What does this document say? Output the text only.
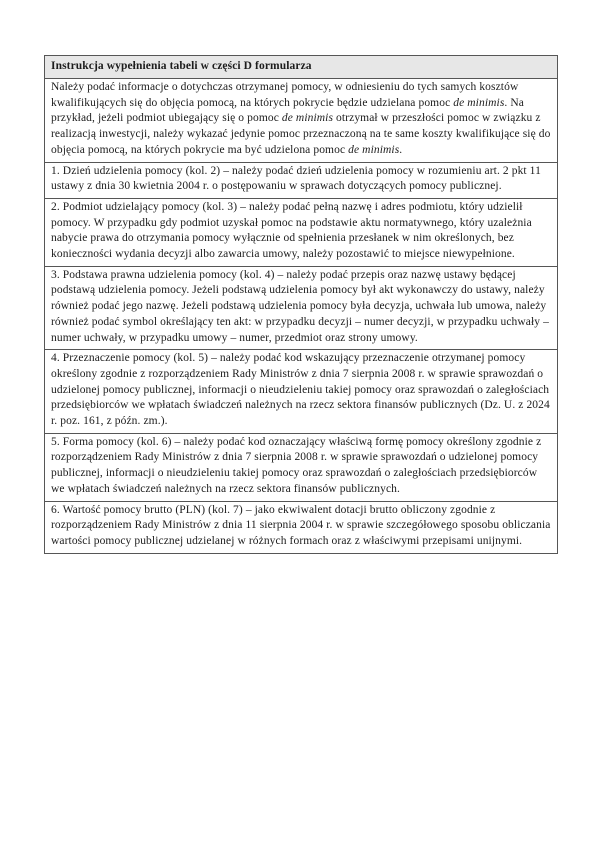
Instrukcja wypełnienia tabeli w części D formularza
Należy podać informacje o dotychczas otrzymanej pomocy, w odniesieniu do tych samych kosztów kwalifikujących się do objęcia pomocą, na których pokrycie będzie udzielana pomoc de minimis. Na przykład, jeżeli podmiot ubiegający się o pomoc de minimis otrzymał w przeszłości pomoc w związku z realizacją inwestycji, należy wykazać jedynie pomoc przeznaczoną na te same koszty kwalifikujące się do objęcia pomocą, na których pokrycie ma być udzielona pomoc de minimis.
1. Dzień udzielenia pomocy (kol. 2) – należy podać dzień udzielenia pomocy w rozumieniu art. 2 pkt 11 ustawy z dnia 30 kwietnia 2004 r. o postępowaniu w sprawach dotyczących pomocy publicznej.
2. Podmiot udzielający pomocy (kol. 3) – należy podać pełną nazwę i adres podmiotu, który udzielił pomocy. W przypadku gdy podmiot uzyskał pomoc na podstawie aktu normatywnego, który uzależnia nabycie prawa do otrzymania pomocy wyłącznie od spełnienia przesłanek w nim określonych, bez konieczności wydania decyzji albo zawarcia umowy, należy pozostawić to miejsce niewypełnione.
3. Podstawa prawna udzielenia pomocy (kol. 4) – należy podać przepis oraz nazwę ustawy będącej podstawą udzielenia pomocy. Jeżeli podstawą udzielenia pomocy był akt wykonawczy do ustawy, należy również podać jego nazwę. Jeżeli podstawą udzielenia pomocy była decyzja, uchwała lub umowa, należy również podać symbol określający ten akt: w przypadku decyzji – numer decyzji, w przypadku uchwały – numer uchwały, w przypadku umowy – numer, przedmiot oraz strony umowy.
4. Przeznaczenie pomocy (kol. 5) – należy podać kod wskazujący przeznaczenie otrzymanej pomocy określony zgodnie z rozporządzeniem Rady Ministrów z dnia 7 sierpnia 2008 r. w sprawie sprawozdań o udzielonej pomocy publicznej, informacji o nieudzieleniu takiej pomocy oraz sprawozdań o zaległościach przedsiębiorców we wpłatach świadczeń należnych na rzecz sektora finansów publicznych (Dz. U. z 2024 r. poz. 161, z późn. zm.).
5. Forma pomocy (kol. 6) – należy podać kod oznaczający właściwą formę pomocy określony zgodnie z rozporządzeniem Rady Ministrów z dnia 7 sierpnia 2008 r. w sprawie sprawozdań o udzielonej pomocy publicznej, informacji o nieudzieleniu takiej pomocy oraz sprawozdań o zaległościach przedsiębiorców we wpłatach świadczeń należnych na rzecz sektora finansów publicznych.
6. Wartość pomocy brutto (PLN) (kol. 7) – jako ekwiwalent dotacji brutto obliczony zgodnie z rozporządzeniem Rady Ministrów z dnia 11 sierpnia 2004 r. w sprawie szczegółowego sposobu obliczania wartości pomocy publicznej udzielanej w różnych formach oraz z właściwymi przepisami unijnymi.
